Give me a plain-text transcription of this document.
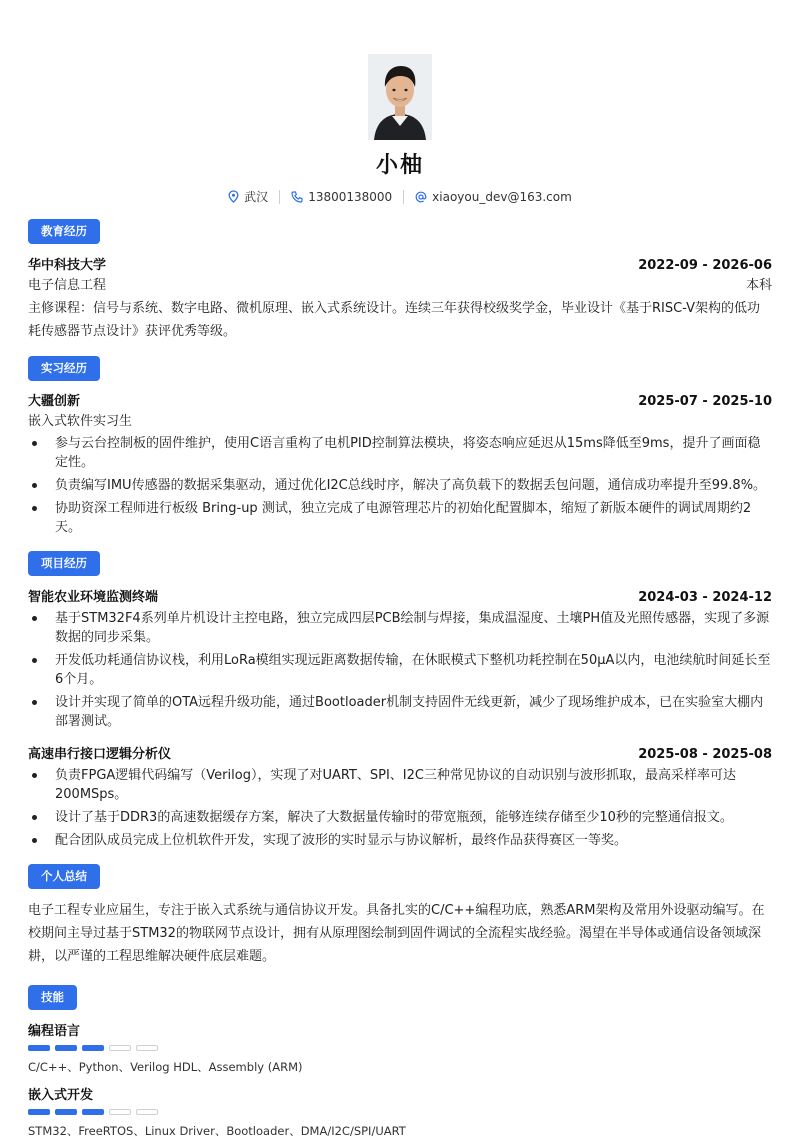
小柚
武汉	13800138000	xiaoyou_dev@163.com
教育经历
华中科技大学	2022-09 - 2026-06
电子信息工程	本科
主修课程：信号与系统、数字电路、微机原理、嵌入式系统设计。连续三年获得校级奖学金，毕业设计《基于RISC-V架构的低功耗传感器节点设计》获评优秀等级。
实习经历
大疆创新	2025-07 - 2025-10
嵌入式软件实习生
参与云台控制板的固件维护，使用C语言重构了电机PID控制算法模块，将姿态响应延迟从15ms降低至9ms，提升了画面稳定性。
负责编写IMU传感器的数据采集驱动，通过优化I2C总线时序，解决了高负载下的数据丢包问题，通信成功率提升至99.8%。
协助资深工程师进行板级 Bring-up 测试，独立完成了电源管理芯片的初始化配置脚本，缩短了新版本硬件的调试周期约2天。
项目经历
智能农业环境监测终端	2024-03 - 2024-12
基于STM32F4系列单片机设计主控电路，独立完成四层PCB绘制与焊接，集成温湿度、土壤PH值及光照传感器，实现了多源数据的同步采集。
开发低功耗通信协议栈，利用LoRa模组实现远距离数据传输，在休眠模式下整机功耗控制在50μA以内，电池续航时间延长至6个月。
设计并实现了简单的OTA远程升级功能，通过Bootloader机制支持固件无线更新，减少了现场维护成本，已在实验室大棚内部署测试。
高速串行接口逻辑分析仪	2025-08 - 2025-08
负责FPGA逻辑代码编写（Verilog），实现了对UART、SPI、I2C三种常见协议的自动识别与波形抓取，最高采样率可达200MSps。
设计了基于DDR3的高速数据缓存方案，解决了大数据量传输时的带宽瓶颈，能够连续存储至少10秒的完整通信报文。
配合团队成员完成上位机软件开发，实现了波形的实时显示与协议解析，最终作品获得赛区一等奖。
个人总结
电子工程专业应届生，专注于嵌入式系统与通信协议开发。具备扎实的C/C++编程功底，熟悉ARM架构及常用外设驱动编写。在校期间主导过基于STM32的物联网节点设计，拥有从原理图绘制到固件调试的全流程实战经验。渴望在半导体或通信设备领域深耕，以严谨的工程思维解决硬件底层难题。
技能
编程语言
C/C++、Python、Verilog HDL、Assembly (ARM)
嵌入式开发
STM32、FreeRTOS、Linux Driver、Bootloader、DMA/I2C/SPI/UART
